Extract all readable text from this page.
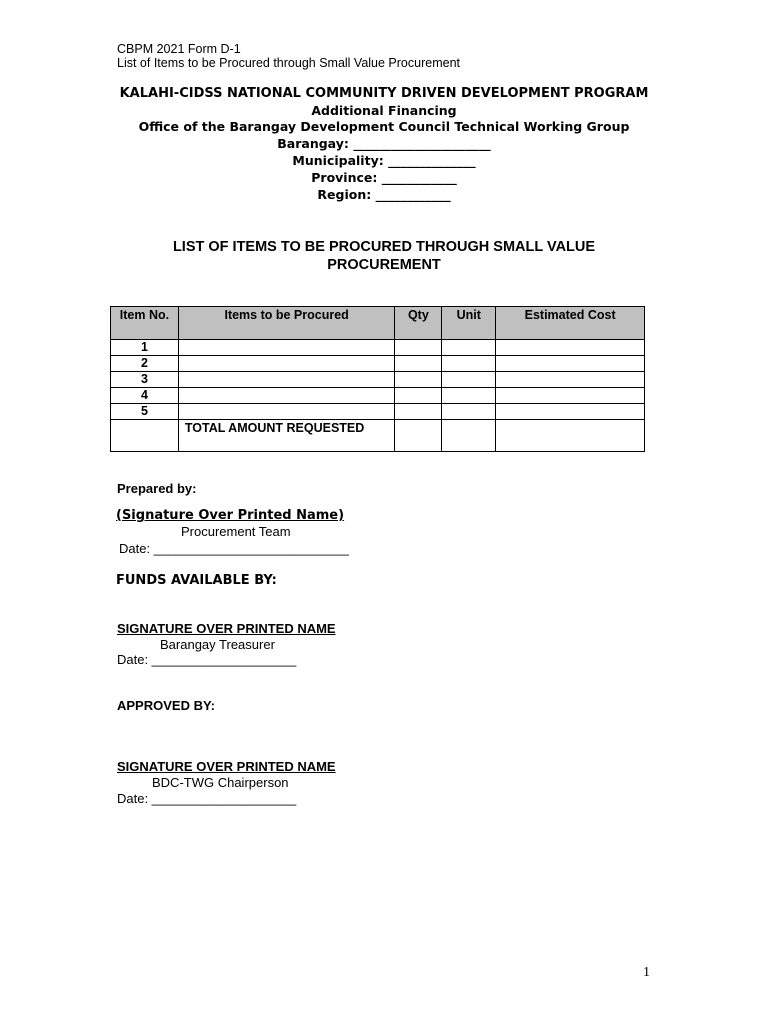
CBPM 2021 Form D-1
List of Items to be Procured through Small Value Procurement
KALAHI-CIDSS NATIONAL COMMUNITY DRIVEN DEVELOPMENT PROGRAM
Additional Financing
Office of the Barangay Development Council Technical Working Group
Barangay: ______________________
Municipality: ______________
Province: ____________
Region: ____________
LIST OF ITEMS TO BE PROCURED THROUGH SMALL VALUE
PROCUREMENT
Item No.	Items to be Procured	Qty	Unit	Estimated Cost
1				
2				
3				
4				
5				
	TOTAL AMOUNT REQUESTED			
Prepared by:
(Signature Over Printed Name)
Procurement Team
Date: ___________________________
FUNDS AVAILABLE BY:
SIGNATURE OVER PRINTED NAME
Barangay Treasurer
Date: ____________________
APPROVED BY:
SIGNATURE OVER PRINTED NAME
BDC-TWG Chairperson
Date: ____________________
1
